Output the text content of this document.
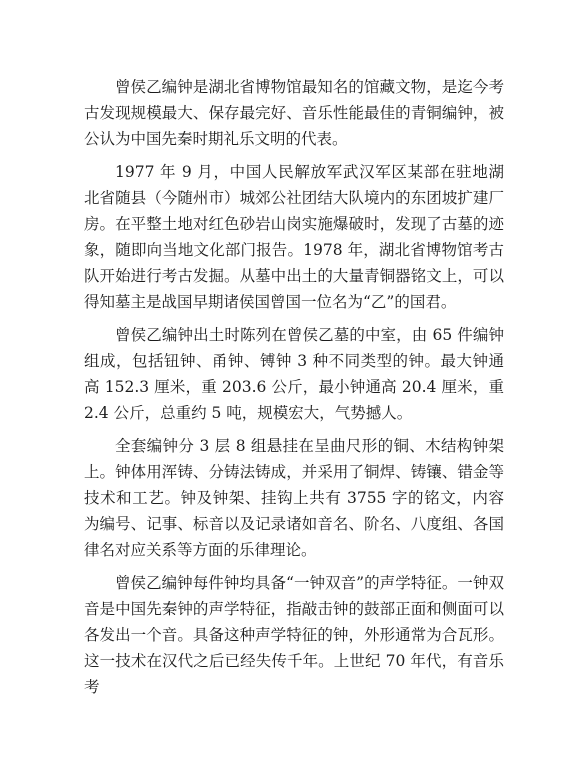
曾侯乙编钟是湖北省博物馆最知名的馆藏文物，是迄今考古发现规模最大、保存最完好、音乐性能最佳的青铜编钟，被公认为中国先秦时期礼乐文明的代表。

1977 年 9 月，中国人民解放军武汉军区某部在驻地湖北省随县（今随州市）城郊公社团结大队境内的东团坡扩建厂房。在平整土地对红色砂岩山岗实施爆破时，发现了古墓的迹象，随即向当地文化部门报告。1978 年，湖北省博物馆考古队开始进行考古发掘。从墓中出土的大量青铜器铭文上，可以得知墓主是战国早期诸侯国曾国一位名为“乙”的国君。

曾侯乙编钟出土时陈列在曾侯乙墓的中室，由 65 件编钟组成，包括钮钟、甬钟、镈钟 3 种不同类型的钟。最大钟通高 152.3 厘米，重 203.6 公斤，最小钟通高 20.4 厘米，重 2.4 公斤，总重约 5 吨，规模宏大，气势撼人。

全套编钟分 3 层 8 组悬挂在呈曲尺形的铜、木结构钟架上。钟体用浑铸、分铸法铸成，并采用了铜焊、铸镶、错金等技术和工艺。钟及钟架、挂钩上共有 3755 字的铭文，内容为编号、记事、标音以及记录诸如音名、阶名、八度组、各国律名对应关系等方面的乐律理论。

曾侯乙编钟每件钟均具备“一钟双音”的声学特征。一钟双音是中国先秦钟的声学特征，指敲击钟的鼓部正面和侧面可以各发出一个音。具备这种声学特征的钟，外形通常为合瓦形。这一技术在汉代之后已经失传千年。上世纪 70 年代，有音乐考
